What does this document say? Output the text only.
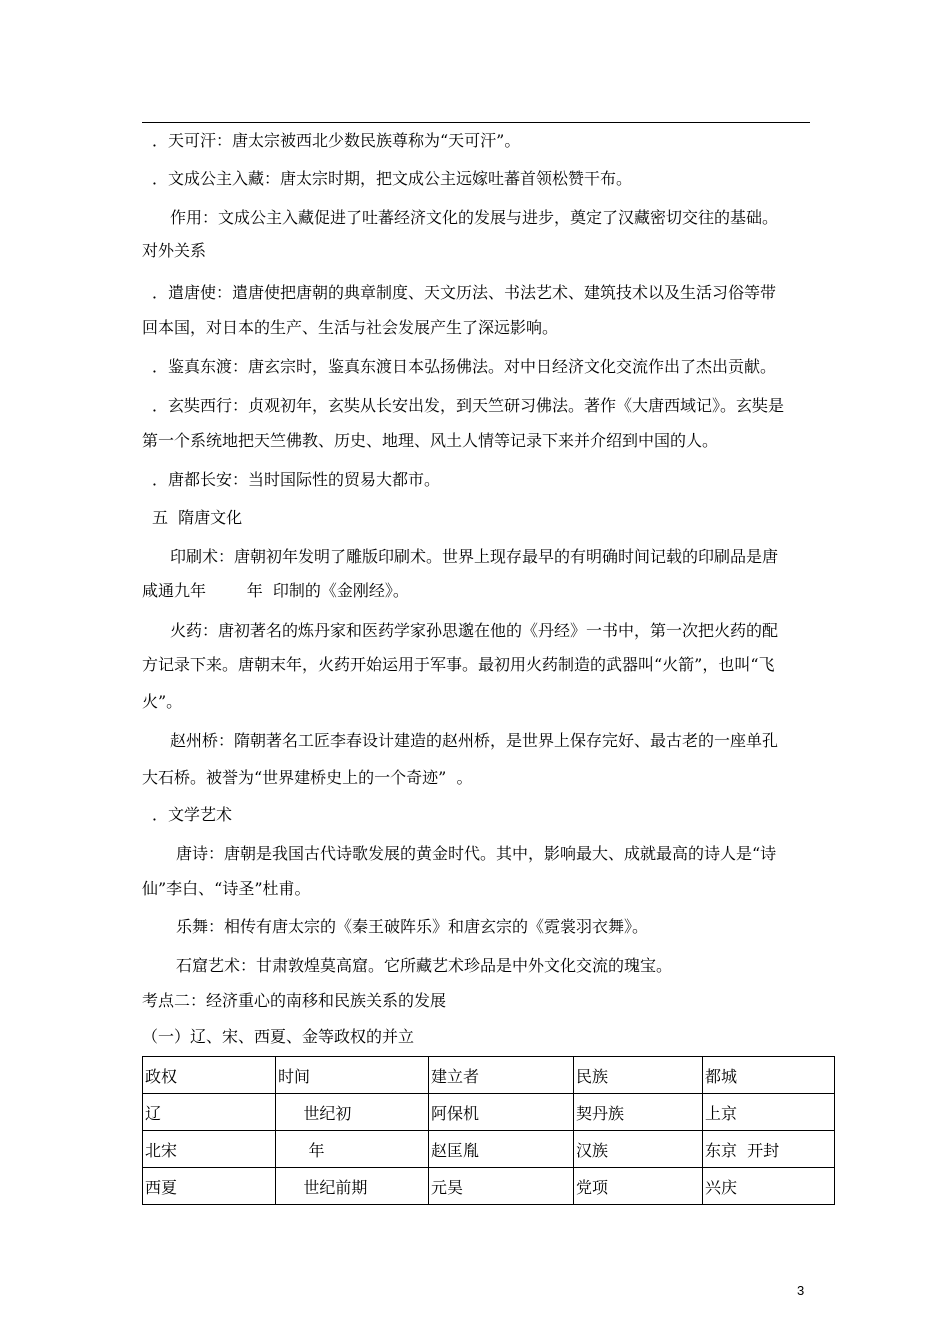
．天可汗：唐太宗被西北少数民族尊称为“天可汗”。
．文成公主入藏：唐太宗时期，把文成公主远嫁吐蕃首领松赞干布。
作用：文成公主入藏促进了吐蕃经济文化的发展与进步，奠定了汉藏密切交往的基础。
对外关系
．遣唐使：遣唐使把唐朝的典章制度、天文历法、书法艺术、建筑技术以及生活习俗等带
回本国，对日本的生产、生活与社会发展产生了深远影响。
．鉴真东渡：唐玄宗时，鉴真东渡日本弘扬佛法。对中日经济文化交流作出了杰出贡献。
．玄奘西行：贞观初年，玄奘从长安出发，到天竺研习佛法。著作《大唐西域记》。玄奘是
第一个系统地把天竺佛教、历史、地理、风土人情等记录下来并介绍到中国的人。
．唐都长安：当时国际性的贸易大都市。
五  隋唐文化
印刷术：唐朝初年发明了雕版印刷术。世界上现存最早的有明确时间记载的印刷品是唐
咸通九年        年  印制的《金刚经》。
火药：唐初著名的炼丹家和医药学家孙思邈在他的《丹经》一书中，第一次把火药的配
方记录下来。唐朝末年，火药开始运用于军事。最初用火药制造的武器叫“火箭”，也叫“飞
火”。
赵州桥：隋朝著名工匠李春设计建造的赵州桥，是世界上保存完好、最古老的一座单孔
大石桥。被誉为“世界建桥史上的一个奇迹”  。
．文学艺术
唐诗：唐朝是我国古代诗歌发展的黄金时代。其中，影响最大、成就最高的诗人是“诗
仙”李白、“诗圣”杜甫。
乐舞：相传有唐太宗的《秦王破阵乐》和唐玄宗的《霓裳羽衣舞》。
石窟艺术：甘肃敦煌莫高窟。它所藏艺术珍品是中外文化交流的瑰宝。
考点二：经济重心的南移和民族关系的发展
（一）辽、宋、西夏、金等政权的并立
政权	时间	建立者	民族	都城
辽	世纪初	阿保机	契丹族	上京
北宋	年	赵匡胤	汉族	东京  开封
西夏	世纪前期	元昊	党项	兴庆
3
